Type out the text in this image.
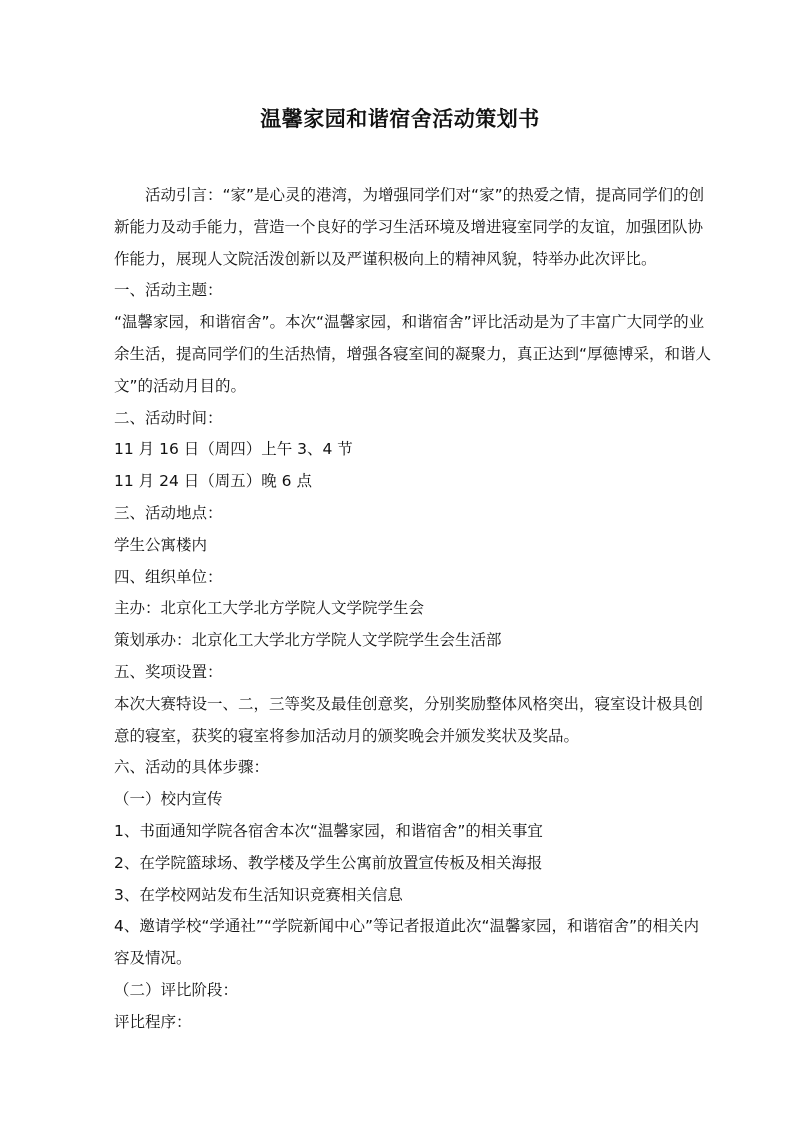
温馨家园和谐宿舍活动策划书

活动引言：“家”是心灵的港湾，为增强同学们对“家”的热爱之情，提高同学们的创新能力及动手能力，营造一个良好的学习生活环境及增进寝室同学的友谊，加强团队协作能力，展现人文院活泼创新以及严谨积极向上的精神风貌，特举办此次评比。

一、活动主题：

“温馨家园，和谐宿舍”。本次“温馨家园，和谐宿舍”评比活动是为了丰富广大同学的业余生活，提高同学们的生活热情，增强各寝室间的凝聚力，真正达到“厚德博采，和谐人文”的活动月目的。

二、活动时间：

11 月 16 日（周四）上午 3、4 节

11 月 24 日（周五）晚 6 点

三、活动地点：

学生公寓楼内

四、组织单位：

主办：北京化工大学北方学院人文学院学生会

策划承办：北京化工大学北方学院人文学院学生会生活部

五、奖项设置：

本次大赛特设一、二，三等奖及最佳创意奖，分别奖励整体风格突出，寝室设计极具创意的寝室，获奖的寝室将参加活动月的颁奖晚会并颁发奖状及奖品。

六、活动的具体步骤：

（一）校内宣传

1、书面通知学院各宿舍本次“温馨家园，和谐宿舍”的相关事宜

2、在学院篮球场、教学楼及学生公寓前放置宣传板及相关海报

3、在学校网站发布生活知识竞赛相关信息

4、邀请学校“学通社”“学院新闻中心”等记者报道此次“温馨家园，和谐宿舍”的相关内容及情况。

（二）评比阶段：

评比程序：
